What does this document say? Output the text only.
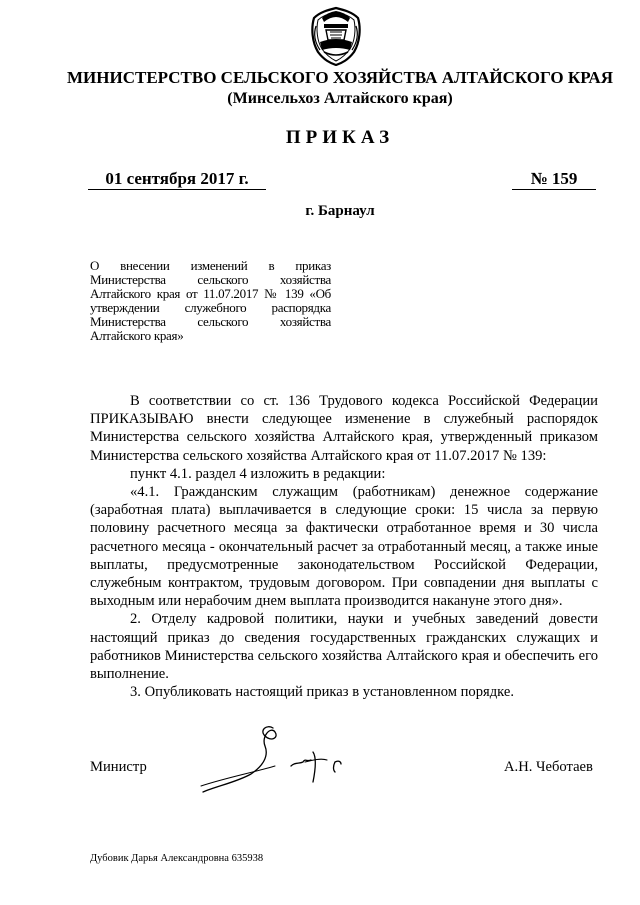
МИНИСТЕРСТВО СЕЛЬСКОГО ХОЗЯЙСТВА АЛТАЙСКОГО КРАЯ
(Минсельхоз Алтайского края)
ПРИКАЗ
01 сентября 2017 г.	№ 159
г. Барнаул
О внесении изменений в приказ Министерства сельского хозяйства Алтайского края от 11.07.2017 № 139 «Об утверждении служебного распорядка Министерства сельского хозяйства Алтайского края»

В соответствии со ст. 136 Трудового кодекса Российской Федерации ПРИКАЗЫВАЮ внести следующее изменение в служебный распорядок Министерства сельского хозяйства Алтайского края, утвержденный приказом Министерства сельского хозяйства Алтайского края от 11.07.2017 № 139:

пункт 4.1. раздел 4 изложить в редакции:

«4.1. Гражданским служащим (работникам) денежное содержание (заработная плата) выплачивается в следующие сроки: 15 числа за первую половину расчетного месяца за фактически отработанное время и 30 числа расчетного месяца - окончательный расчет за отработанный месяц, а также иные выплаты, предусмотренные законодательством Российской Федерации, служебным контрактом, трудовым договором. При совпадении дня выплаты с выходным или нерабочим днем выплата производится накануне этого дня».

2. Отделу кадровой политики, науки и учебных заведений довести настоящий приказ до сведения государственных гражданских служащих и работников Министерства сельского хозяйства Алтайского края и обеспечить его выполнение.

3. Опубликовать настоящий приказ в установленном порядке.

Министр	А.Н. Чеботаев
Дубовик Дарья Александровна 635938
